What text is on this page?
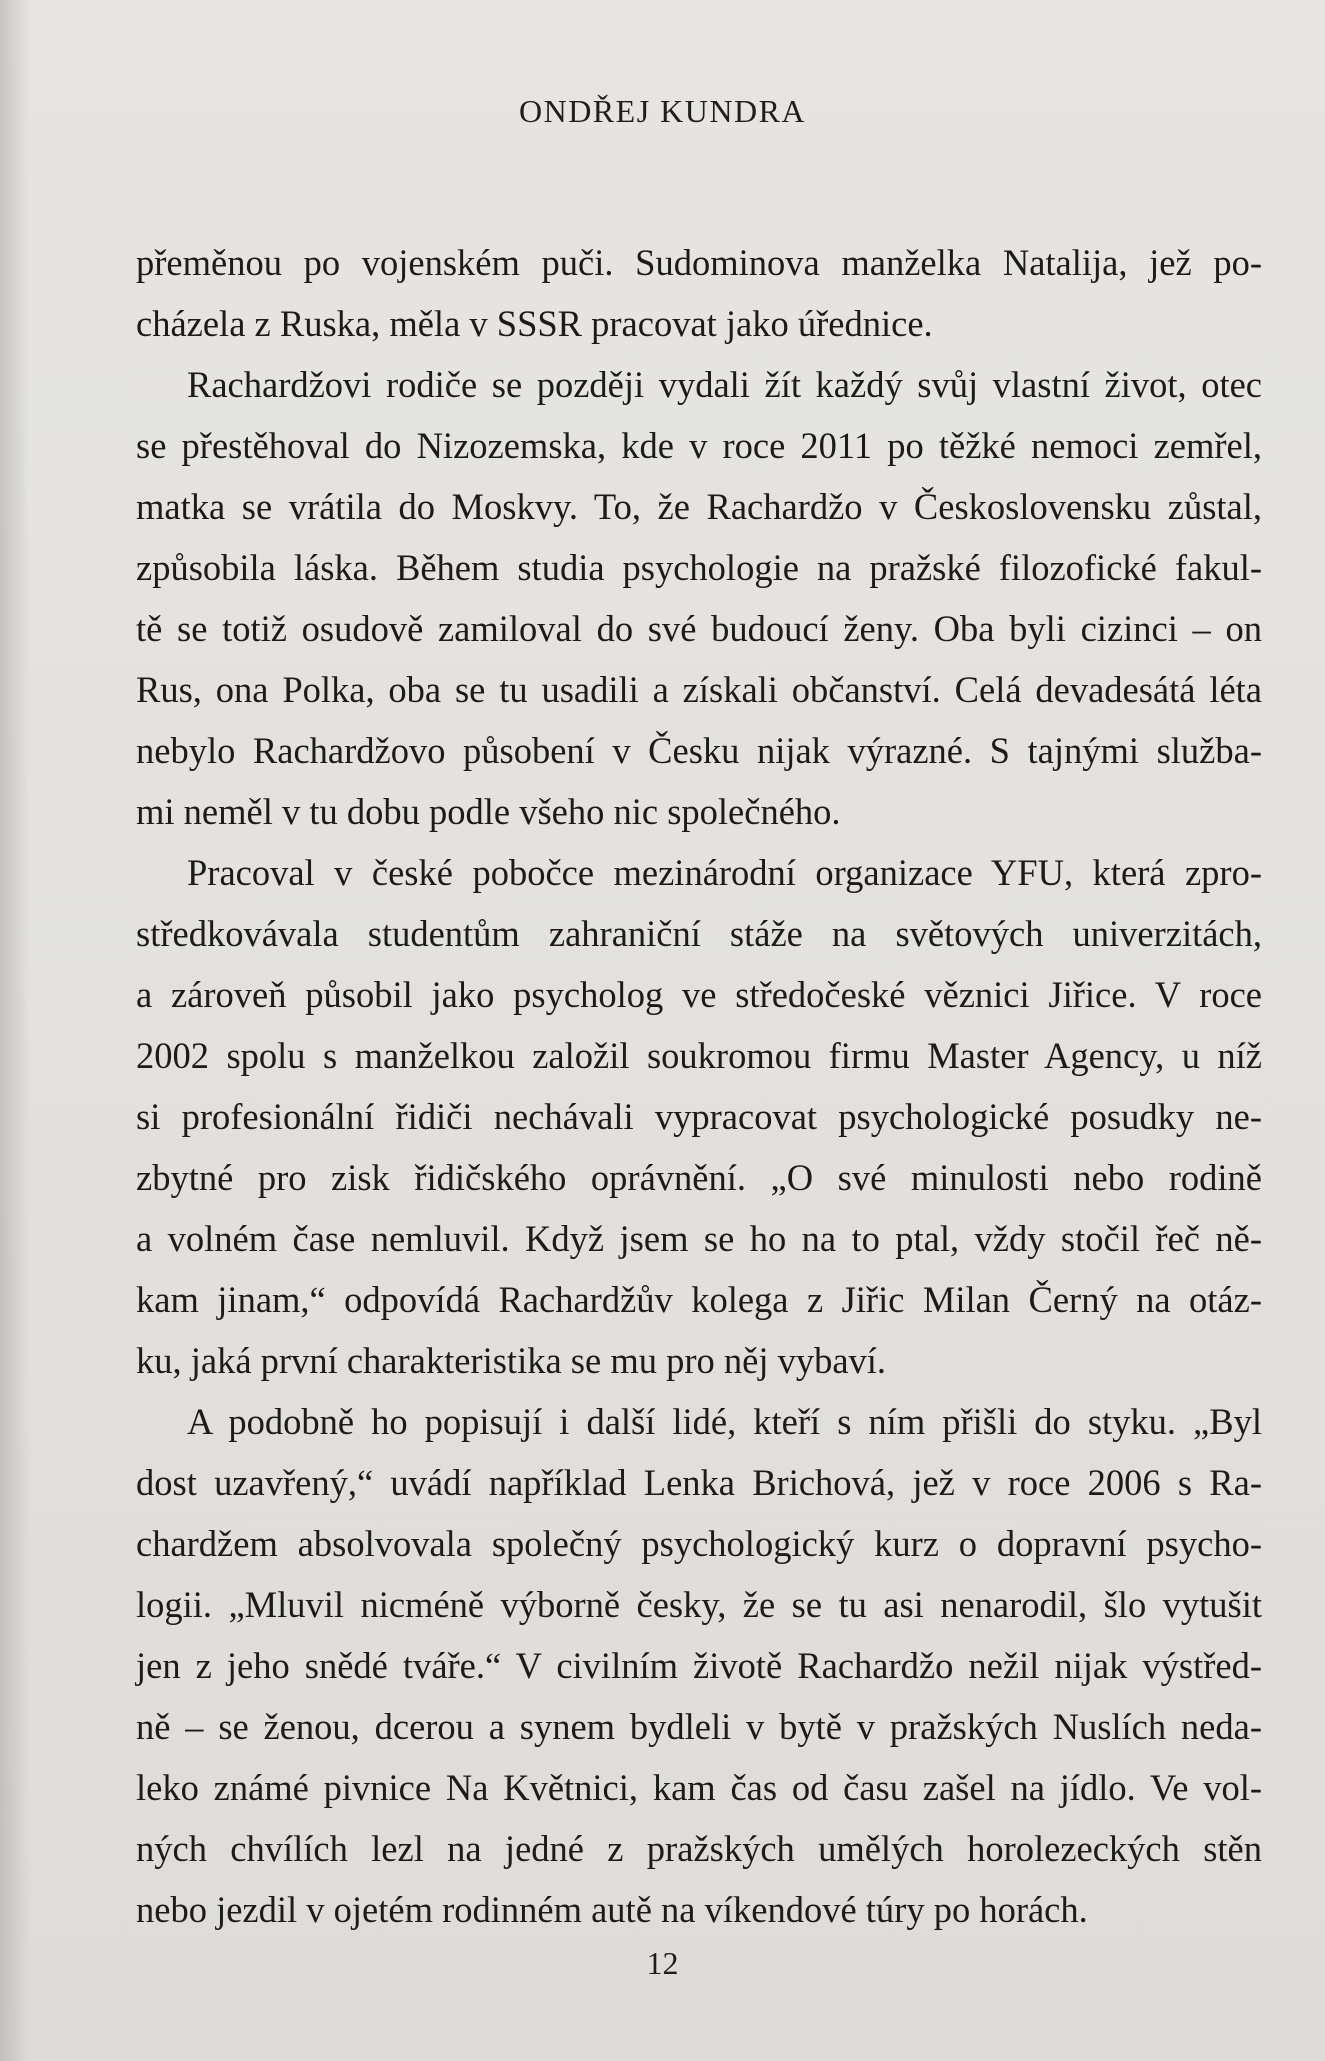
ONDŘEJ KUNDRA
přeměnou po vojenském puči. Sudominova manželka Natalija, jež po-
cházela z Ruska, měla v SSSR pracovat jako úřednice.
Rachardžovi rodiče se později vydali žít každý svůj vlastní život, otec
se přestěhoval do Nizozemska, kde v roce 2011 po těžké nemoci zemřel,
matka se vrátila do Moskvy. To, že Rachardžo v Československu zůstal,
způsobila láska. Během studia psychologie na pražské filozofické fakul-
tě se totiž osudově zamiloval do své budoucí ženy. Oba byli cizinci – on
Rus, ona Polka, oba se tu usadili a získali občanství. Celá devadesátá léta
nebylo Rachardžovo působení v Česku nijak výrazné. S tajnými služba-
mi neměl v tu dobu podle všeho nic společného.
Pracoval v české pobočce mezinárodní organizace YFU, která zpro-
středkovávala studentům zahraniční stáže na světových univerzitách,
a zároveň působil jako psycholog ve středočeské věznici Jiřice. V roce
2002 spolu s manželkou založil soukromou firmu Master Agency, u níž
si profesionální řidiči nechávali vypracovat psychologické posudky ne-
zbytné pro zisk řidičského oprávnění. „O své minulosti nebo rodině
a volném čase nemluvil. Když jsem se ho na to ptal, vždy stočil řeč ně-
kam jinam,“ odpovídá Rachardžův kolega z Jiřic Milan Černý na otáz-
ku, jaká první charakteristika se mu pro něj vybaví.
A podobně ho popisují i další lidé, kteří s ním přišli do styku. „Byl
dost uzavřený,“ uvádí například Lenka Brichová, jež v roce 2006 s Ra-
chardžem absolvovala společný psychologický kurz o dopravní psycho-
logii. „Mluvil nicméně výborně česky, že se tu asi nenarodil, šlo vytušit
jen z jeho snědé tváře.“ V civilním životě Rachardžo nežil nijak výstřed-
ně – se ženou, dcerou a synem bydleli v bytě v pražských Nuslích neda-
leko známé pivnice Na Květnici, kam čas od času zašel na jídlo. Ve vol-
ných chvílích lezl na jedné z pražských umělých horolezeckých stěn
nebo jezdil v ojetém rodinném autě na víkendové túry po horách.
12
